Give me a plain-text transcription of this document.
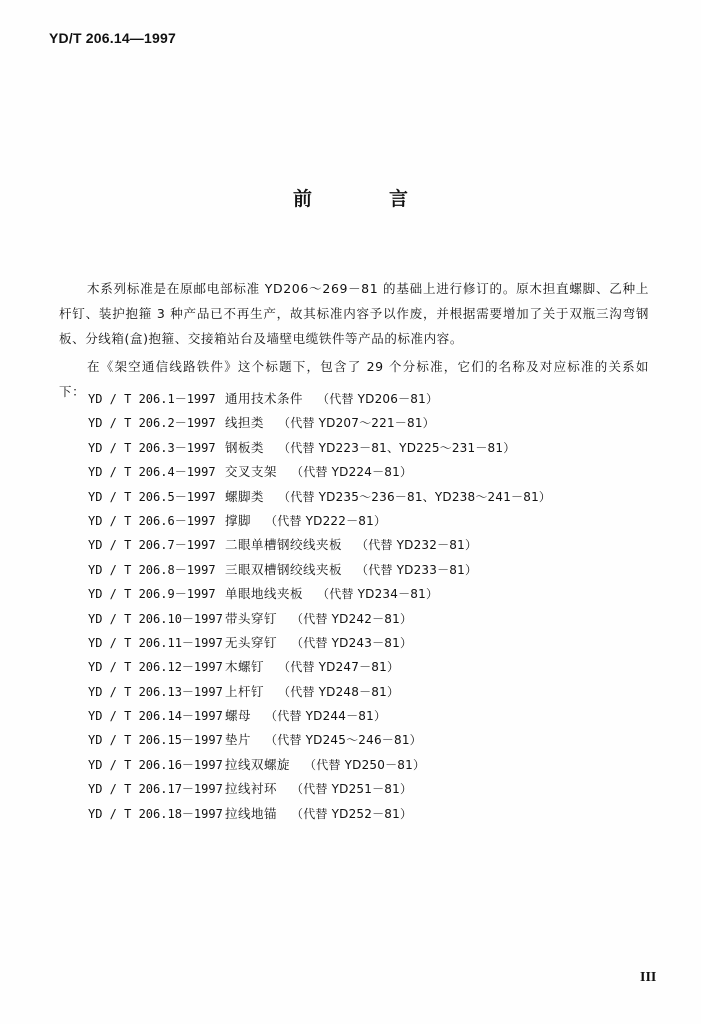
YD/T 206.14—1997
前	言

木系列标准是在原邮电部标准 YD206～269－81 的基础上进行修订的。原木担直螺脚、乙种上杆钉、装护抱箍 3 种产品已不再生产，故其标准内容予以作废，并根据需要增加了关于双瓶三沟弯钢板、分线箱(盒)抱箍、交接箱站台及墙壁电缆铁件等产品的标准内容。

在《架空通信线路铁件》这个标题下，包含了 29 个分标准，它们的名称及对应标准的关系如下：

YD / T 206.1－1997 通用技术条件 （代替 YD206－81）
YD / T 206.2－1997 线担类 （代替 YD207～221－81）
YD / T 206.3－1997 钢板类 （代替 YD223－81、YD225～231－81）
YD / T 206.4－1997 交叉支架 （代替 YD224－81）
YD / T 206.5－1997 螺脚类 （代替 YD235～236－81、YD238～241－81）
YD / T 206.6－1997 撑脚 （代替 YD222－81）
YD / T 206.7－1997 二眼单槽钢绞线夹板 （代替 YD232－81）
YD / T 206.8－1997 三眼双槽钢绞线夹板 （代替 YD233－81）
YD / T 206.9－1997 单眼地线夹板 （代替 YD234－81）
YD / T 206.10－1997 带头穿钉 （代替 YD242－81）
YD / T 206.11－1997 无头穿钉 （代替 YD243－81）
YD / T 206.12－1997 木螺钉 （代替 YD247－81）
YD / T 206.13－1997 上杆钉 （代替 YD248－81）
YD / T 206.14－1997 螺母 （代替 YD244－81）
YD / T 206.15－1997 垫片 （代替 YD245～246－81）
YD / T 206.16－1997 拉线双螺旋 （代替 YD250－81）
YD / T 206.17－1997 拉线衬环 （代替 YD251－81）
YD / T 206.18－1997 拉线地锚 （代替 YD252－81）
III
